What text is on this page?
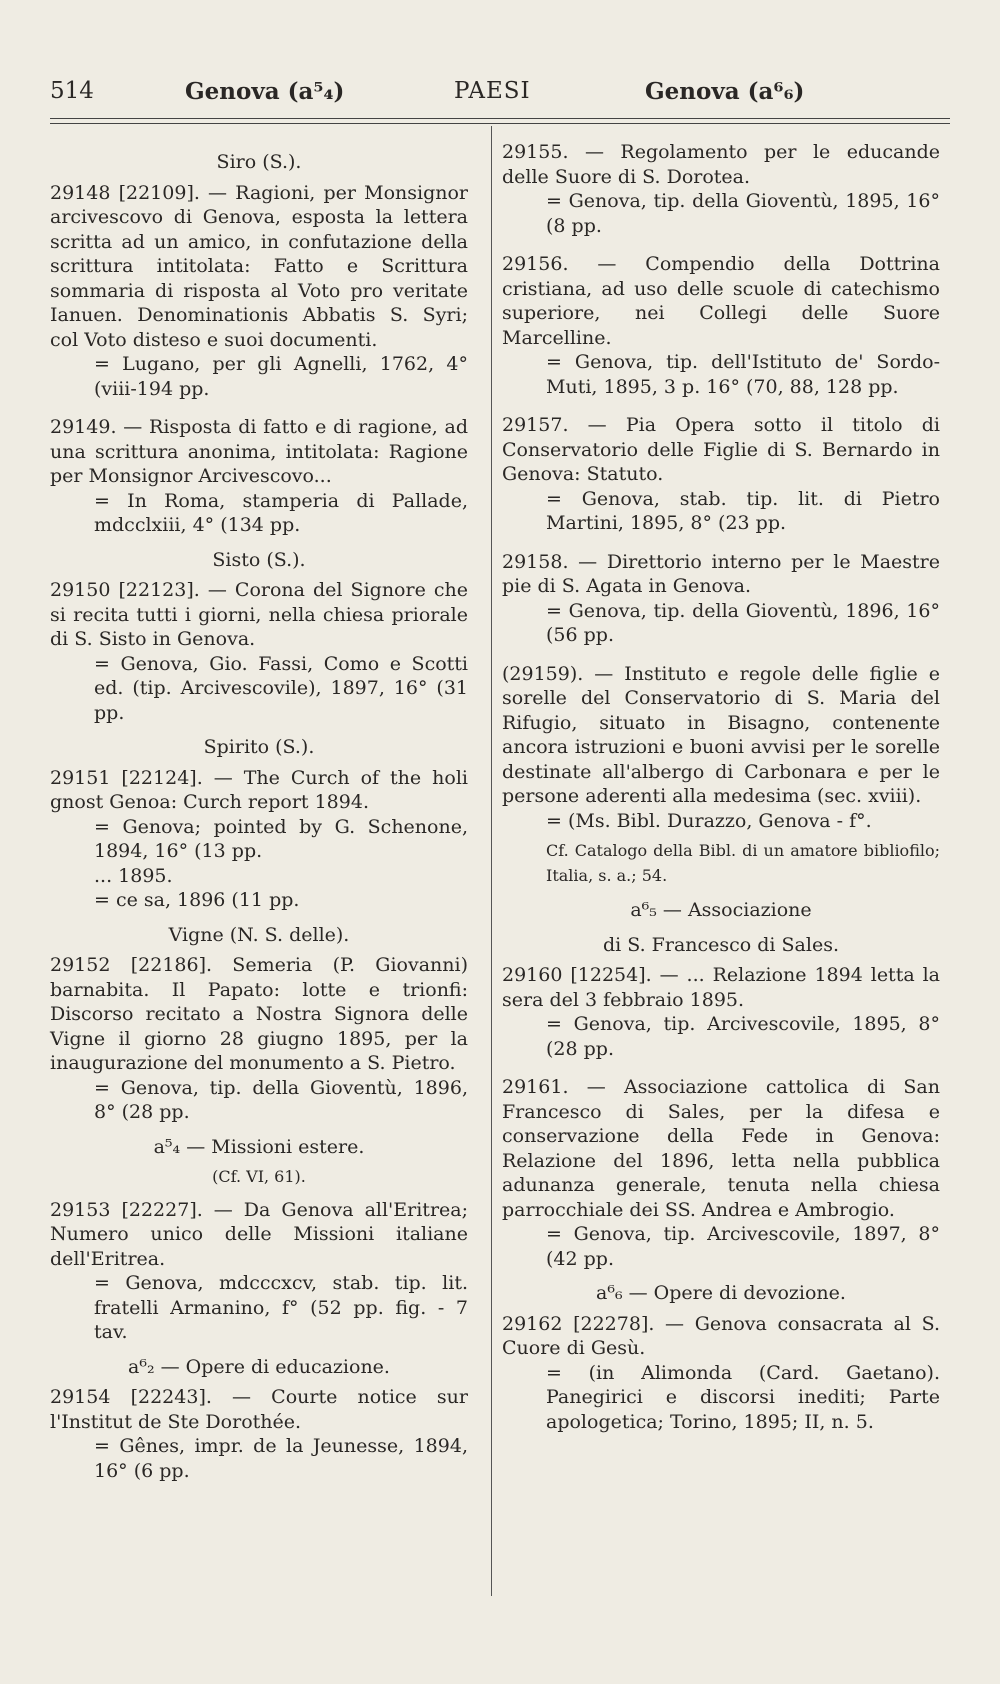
514	Genova (a⁵₄)	PAESI	Genova (a⁶₆)

Siro (S.).

29148 [22109]. — Ragioni, per Monsignor arcivescovo di Genova, esposta la lettera scritta ad un amico, in confutazione della scrittura intitolata: Fatto e Scrittura sommaria di risposta al Voto pro veritate Ianuen. Denominationis Abbatis S. Syri; col Voto disteso e suoi documenti.

= Lugano, per gli Agnelli, 1762, 4° (viii-194 pp.

29149. — Risposta di fatto e di ragione, ad una scrittura anonima, intitolata: Ragione per Monsignor Arcivescovo...

= In Roma, stamperia di Pallade, mdcclxiii, 4° (134 pp.

Sisto (S.).

29150 [22123]. — Corona del Signore che si recita tutti i giorni, nella chiesa priorale di S. Sisto in Genova.

= Genova, Gio. Fassi, Como e Scotti ed. (tip. Arcivescovile), 1897, 16° (31 pp.

Spirito (S.).

29151 [22124]. — The Curch of the holi gnost Genoa: Curch report 1894.

= Genova; pointed by G. Schenone, 1894, 16° (13 pp.

... 1895.

= ce sa, 1896 (11 pp.

Vigne (N. S. delle).

29152 [22186]. Semeria (P. Giovanni) barnabita. Il Papato: lotte e trionfi: Discorso recitato a Nostra Signora delle Vigne il giorno 28 giugno 1895, per la inaugurazione del monumento a S. Pietro.

= Genova, tip. della Gioventù, 1896, 8° (28 pp.

a⁵₄ — Missioni estere.

(Cf. VI, 61).

29153 [22227]. — Da Genova all'Eritrea; Numero unico delle Missioni italiane dell'Eritrea.

= Genova, mdcccxcv, stab. tip. lit. fratelli Armanino, f° (52 pp. fig. - 7 tav.

a⁶₂ — Opere di educazione.

29154 [22243]. — Courte notice sur l'Institut de Ste Dorothée.

= Gênes, impr. de la Jeunesse, 1894, 16° (6 pp.

29155. — Regolamento per le educande delle Suore di S. Dorotea.

= Genova, tip. della Gioventù, 1895, 16° (8 pp.

29156. — Compendio della Dottrina cristiana, ad uso delle scuole di catechismo superiore, nei Collegi delle Suore Marcelline.

= Genova, tip. dell'Istituto de' Sordo-Muti, 1895, 3 p. 16° (70, 88, 128 pp.

29157. — Pia Opera sotto il titolo di Conservatorio delle Figlie di S. Bernardo in Genova: Statuto.

= Genova, stab. tip. lit. di Pietro Martini, 1895, 8° (23 pp.

29158. — Direttorio interno per le Maestre pie di S. Agata in Genova.

= Genova, tip. della Gioventù, 1896, 16° (56 pp.

(29159). — Instituto e regole delle figlie e sorelle del Conservatorio di S. Maria del Rifugio, situato in Bisagno, contenente ancora istruzioni e buoni avvisi per le sorelle destinate all'albergo di Carbonara e per le persone aderenti alla medesima (sec. xviii).

= (Ms. Bibl. Durazzo, Genova - f°.

Cf. Catalogo della Bibl. di un amatore bibliofilo; Italia, s. a.; 54.

a⁶₅ — Associazione

di S. Francesco di Sales.

29160 [12254]. — ... Relazione 1894 letta la sera del 3 febbraio 1895.

= Genova, tip. Arcivescovile, 1895, 8° (28 pp.

29161. — Associazione cattolica di San Francesco di Sales, per la difesa e conservazione della Fede in Genova: Relazione del 1896, letta nella pubblica adunanza generale, tenuta nella chiesa parrocchiale dei SS. Andrea e Ambrogio.

= Genova, tip. Arcivescovile, 1897, 8° (42 pp.

a⁶₆ — Opere di devozione.

29162 [22278]. — Genova consacrata al S. Cuore di Gesù.

= (in Alimonda (Card. Gaetano). Panegirici e discorsi inediti; Parte apologetica; Torino, 1895; II, n. 5.
